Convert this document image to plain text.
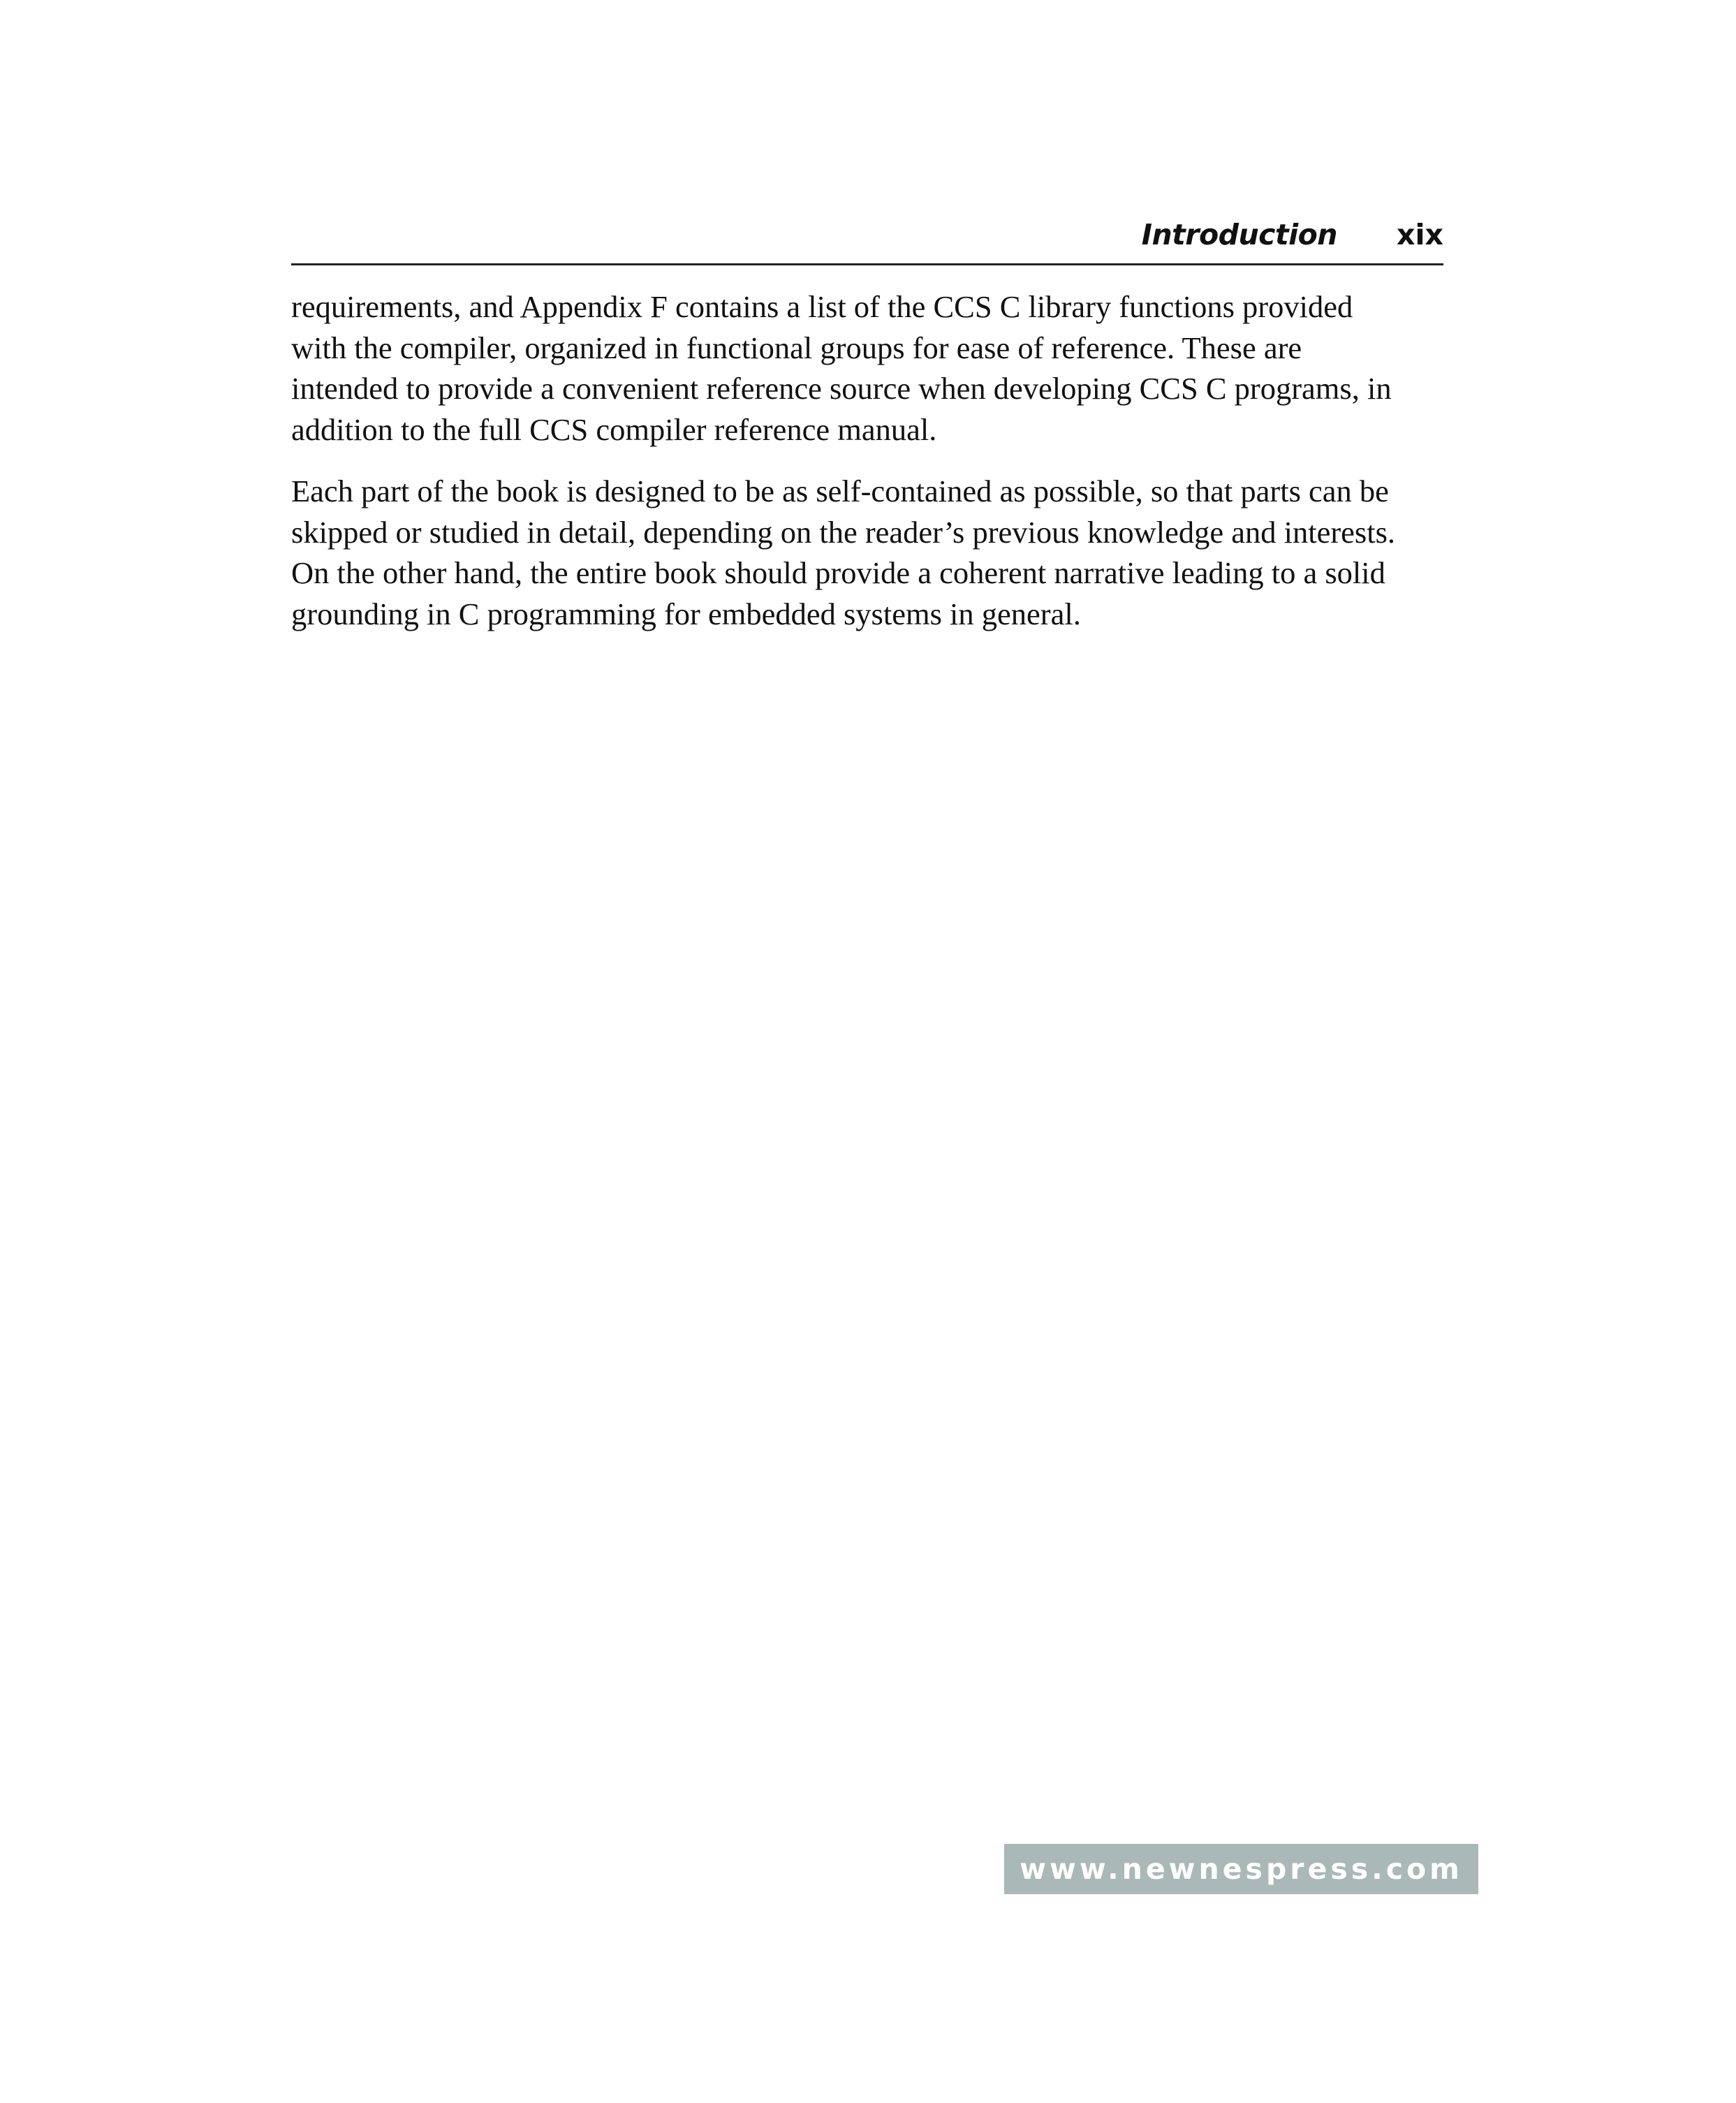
Introduction xix

requirements, and Appendix F contains a list of the CCS C library functions provided
with the compiler, organized in functional groups for ease of reference. These are
intended to provide a convenient reference source when developing CCS C programs, in
addition to the full CCS compiler reference manual.

Each part of the book is designed to be as self-contained as possible, so that parts can be
skipped or studied in detail, depending on the reader’s previous knowledge and interests.
On the other hand, the entire book should provide a coherent narrative leading to a solid
grounding in C programming for embedded systems in general.

www.newnespress.com
